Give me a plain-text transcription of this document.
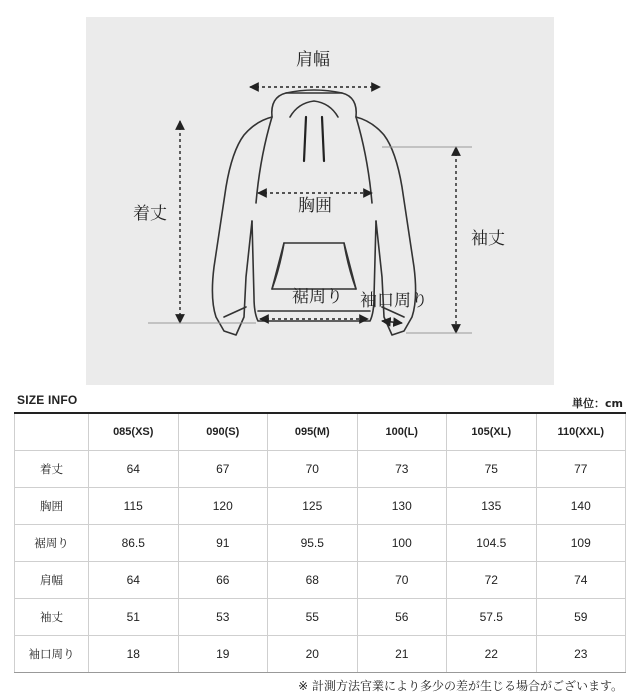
肩幅
着丈	胸囲
袖丈
裾周り 袖口周り
SIZE INFO	単位：cm
	085(XS)	090(S)	095(M)	100(L)	105(XL)	110(XXL)
着丈	64	67	70	73	75	77
胸囲	115	120	125	130	135	140
裾周り	86.5	91	95.5	100	104.5	109
肩幅	64	66	68	70	72	74
袖丈	51	53	55	56	57.5	59
袖口周り	18	19	20	21	22	23
※ 計測方法官業により多少の差が生じる場合がございます。
